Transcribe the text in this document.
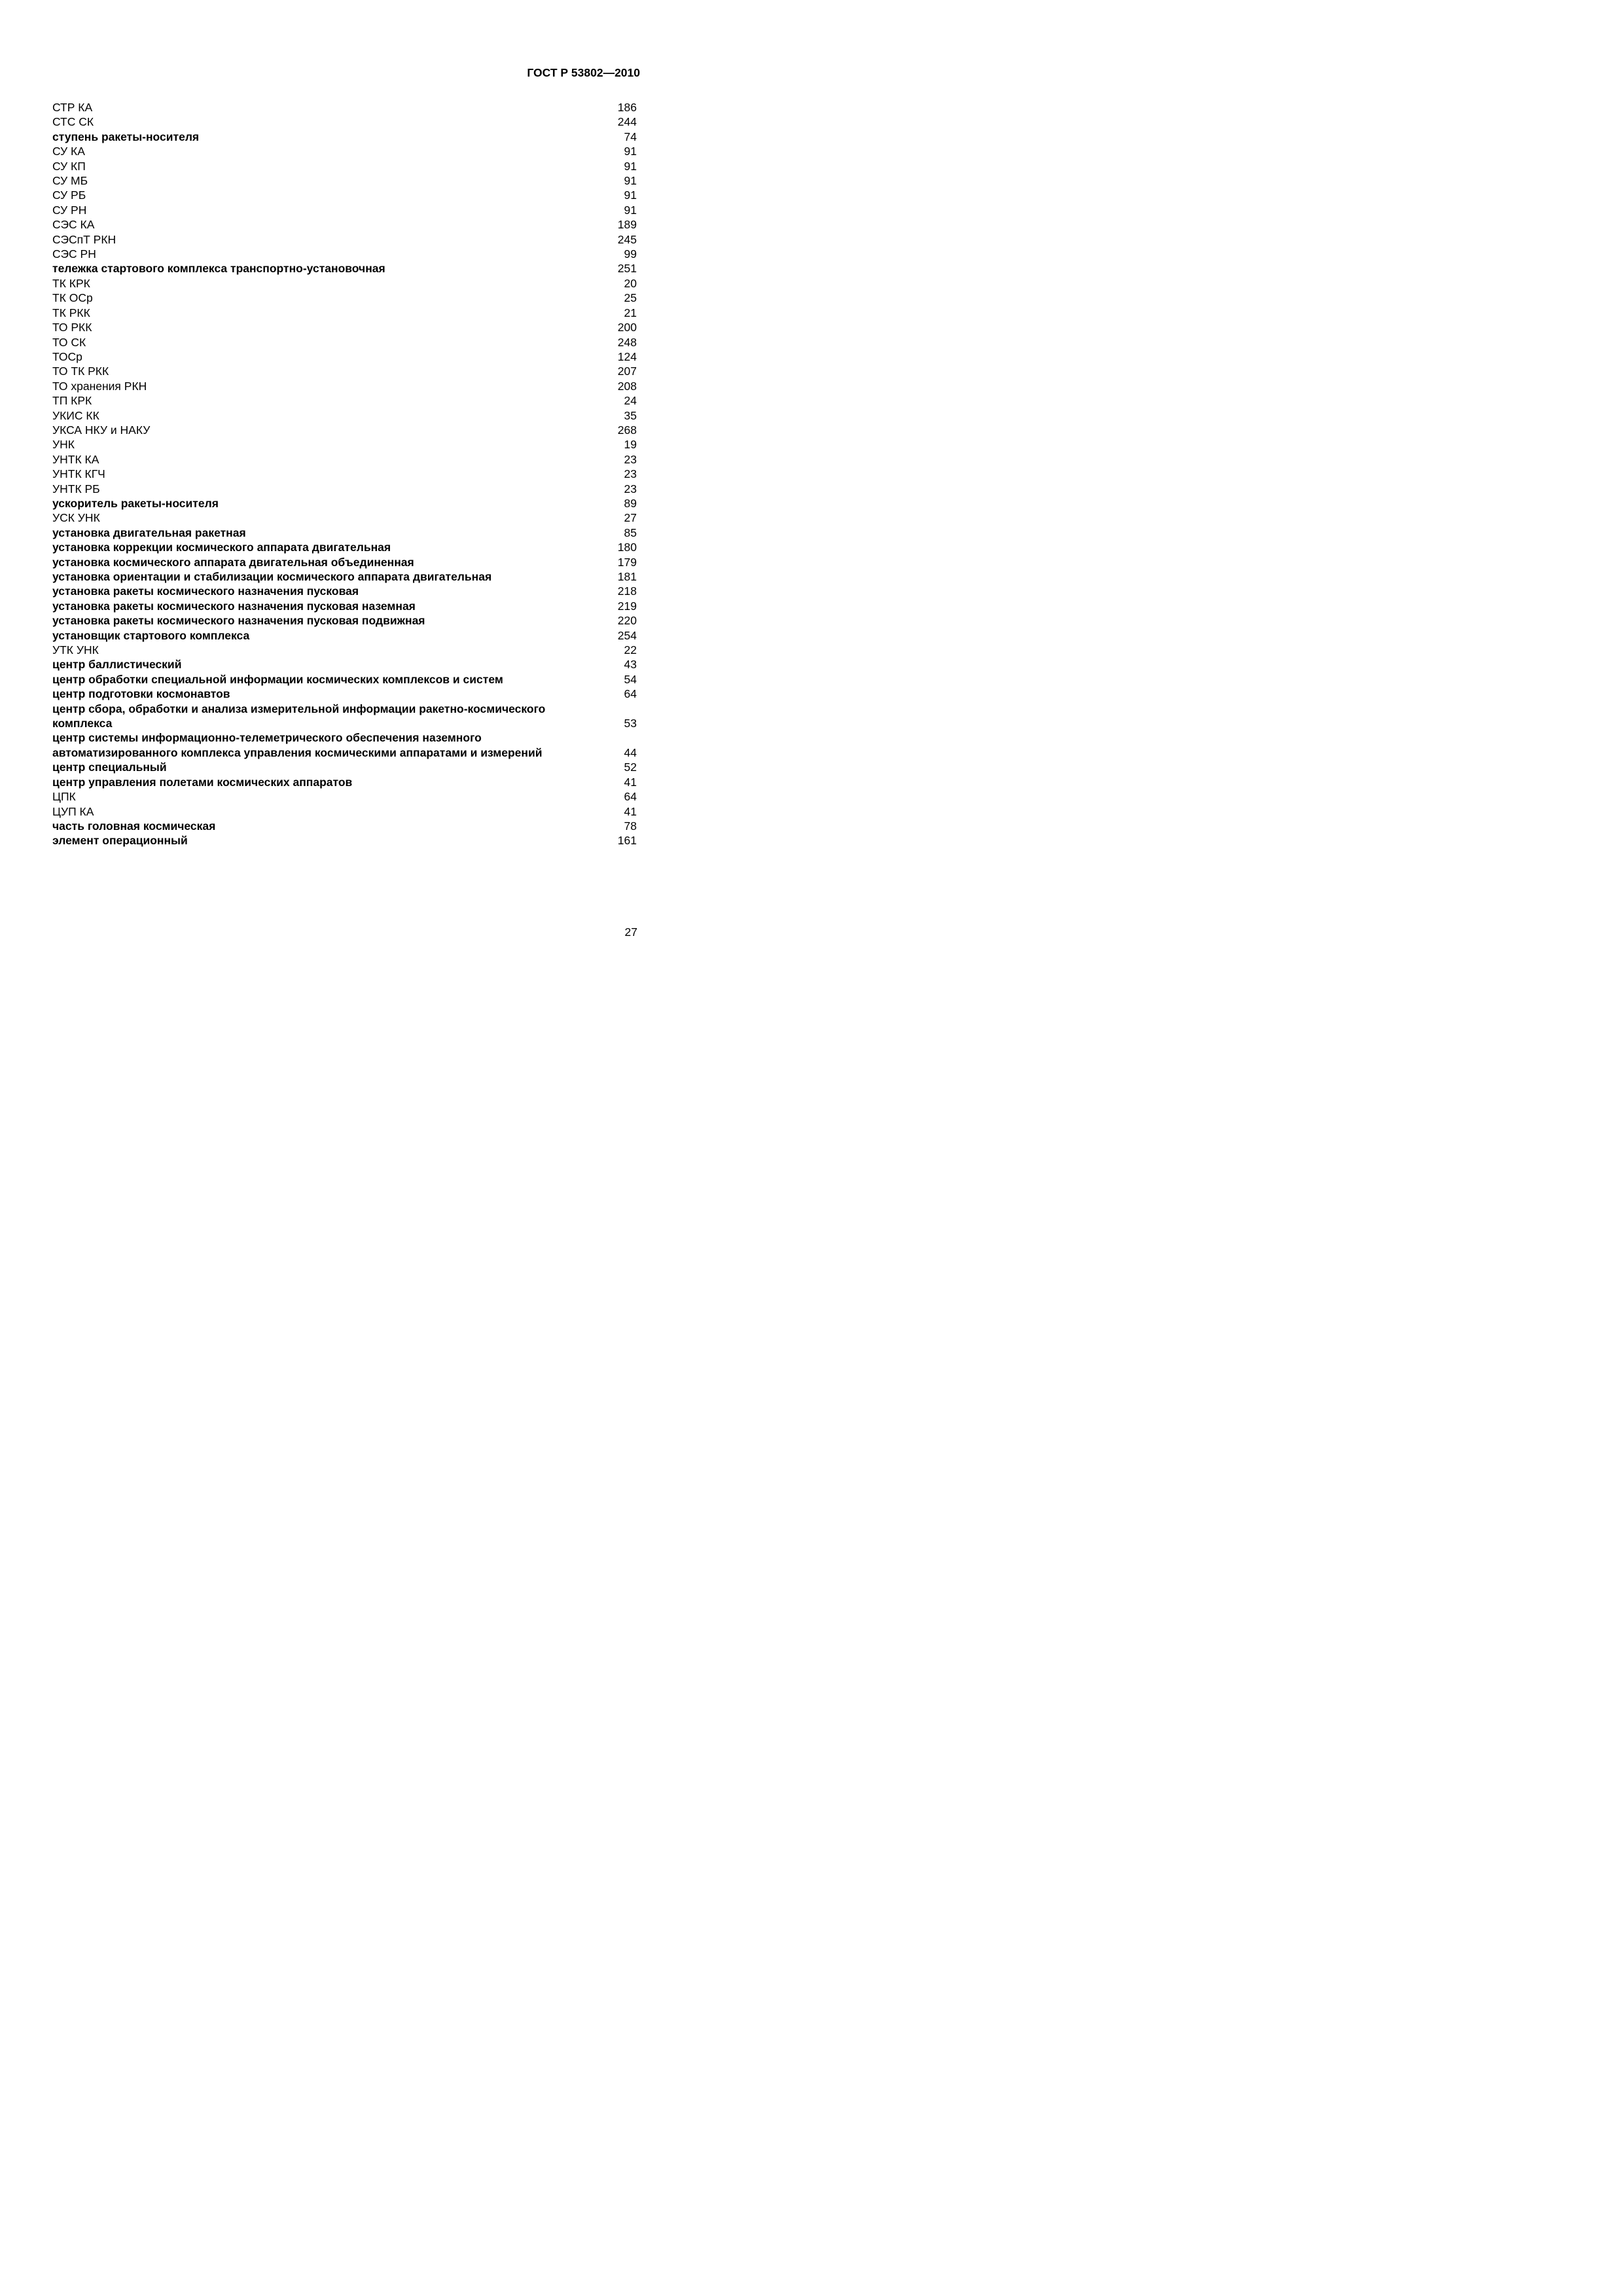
ГОСТ Р 53802—2010
СТР КА	186
СТС СК	244
ступень ракеты-носителя	74
СУ КА	91
СУ КП	91
СУ МБ	91
СУ РБ	91
СУ РН	91
СЭС КА	189
СЭСпТ РКН	245
СЭС РН	99
тележка стартового комплекса транспортно-установочная	251
ТК КРК	20
ТК ОСр	25
ТК РКК	21
ТО РКК	200
ТО СК	248
ТОСр	124
ТО ТК РКК	207
ТО хранения РКН	208
ТП КРК	24
УКИС КК	35
УКСА НКУ и НАКУ	268
УНК	19
УНТК КА	23
УНТК КГЧ	23
УНТК РБ	23
ускоритель ракеты-носителя	89
УСК УНК	27
установка двигательная ракетная	85
установка коррекции космического аппарата двигательная	180
установка космического аппарата двигательная объединенная	179
установка ориентации и стабилизации космического аппарата двигательная	181
установка ракеты космического назначения пусковая	218
установка ракеты космического назначения пусковая наземная	219
установка ракеты космического назначения пусковая подвижная	220
установщик стартового комплекса	254
УТК УНК	22
центр баллистический	43
центр обработки специальной информации космических комплексов и систем	54
центр подготовки космонавтов	64
центр сбора, обработки и анализа измерительной информации ракетно-космического
комплекса	53
центр системы информационно-телеметрического обеспечения наземного
автоматизированного комплекса управления космическими аппаратами и измерений	44
центр специальный	52
центр управления полетами космических аппаратов	41
ЦПК	64
ЦУП КА	41
часть головная космическая	78
элемент операционный	161
27
